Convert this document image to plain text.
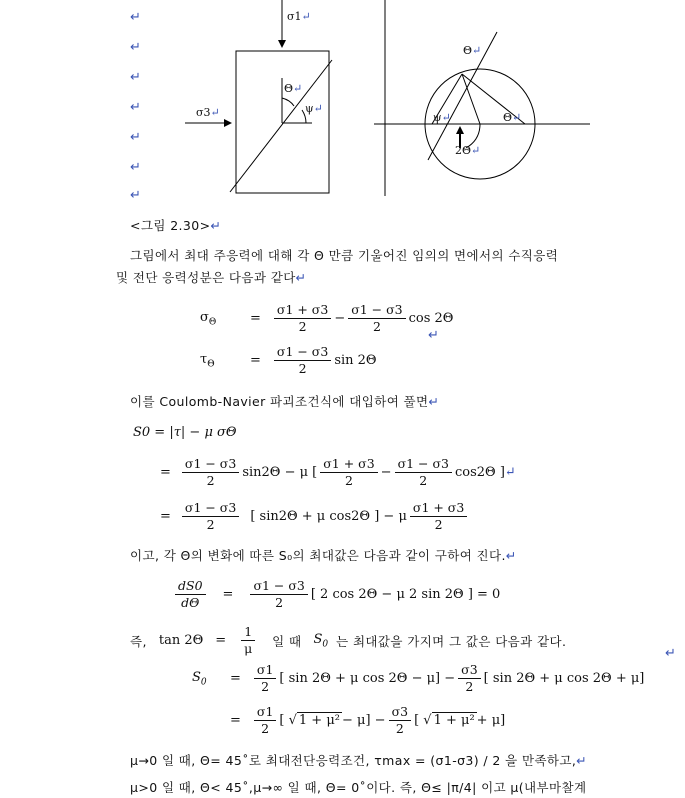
↵
↵
↵
↵
↵
↵
↵
σ1↵
σ3↵
Θ↵
ψ↵
Θ↵
ψ↵	Θ↵
2Θ↵
<그림 2.30>↵
그림에서 최대 주응력에 대해 각 Θ 만큼 기울어진 임의의 면에서의 수직응력
및 전단 응력성분은 다음과 같다↵
$\sigma_\Theta$	= $\frac{\sigma 1 + \sigma 3}{2} - \frac{\sigma 1 - \sigma 3}{2}$ cos 2Θ
↵
$\tau_\Theta$	= $\frac{\sigma 1 - \sigma 3}{2}$ sin 2Θ
이를 Coulomb-Navier 파괴조건식에 대입하여 풀면↵
S0 = |τ| − μ σΘ
= $\frac{\sigma 1 - \sigma 3}{2} \sin 2\Theta - \mu$ [ $\frac{\sigma 1 + \sigma 3}{2} - \frac{\sigma 1 - \sigma 3}{2} \cos 2\Theta$ ] ↵
= $\frac{\sigma 1 - \sigma 3}{2}$ [ sin2Θ + μ cos2Θ ] − μ $\frac{\sigma 1 + \sigma 3}{2}$
이고, 각 Θ의 변화에 따른 S₀의 최대값은 다음과 같이 구하여 진다.↵
$\frac{dS0}{d\Theta} = \frac{\sigma 1 - \sigma 3}{2}$ [ 2 cos 2Θ − μ 2 sin 2Θ ] = 0
즉, $\tan 2\Theta = \frac{1}{\mu}$ 일 때 $S_0$ 는 최대값을 가지며 그 값은 다음과 같다.
↵
$S_0$	= $\frac{\sigma 1}{2}$ [ sin 2Θ + μ $\cos 2\Theta - \mu] - \frac{\sigma 3}{2}$ [ sin 2Θ + μ cos 2Θ + μ]
= $\frac{\sigma 1}{2}$ [ √ $1 + \mu^2 - \mu] - \frac{\sigma 3}{2}$ [ √ 1 + μ² + μ]
μ→0 일 때, Θ= 45˚로 최대전단응력조건, τmax = (σ1-σ3) / 2 을 만족하고,↵
μ>0 일 때, Θ< 45˚,μ→∞ 일 때, Θ= 0˚이다. 즉, Θ≤ |π/4| 이고 μ(내부마찰계
